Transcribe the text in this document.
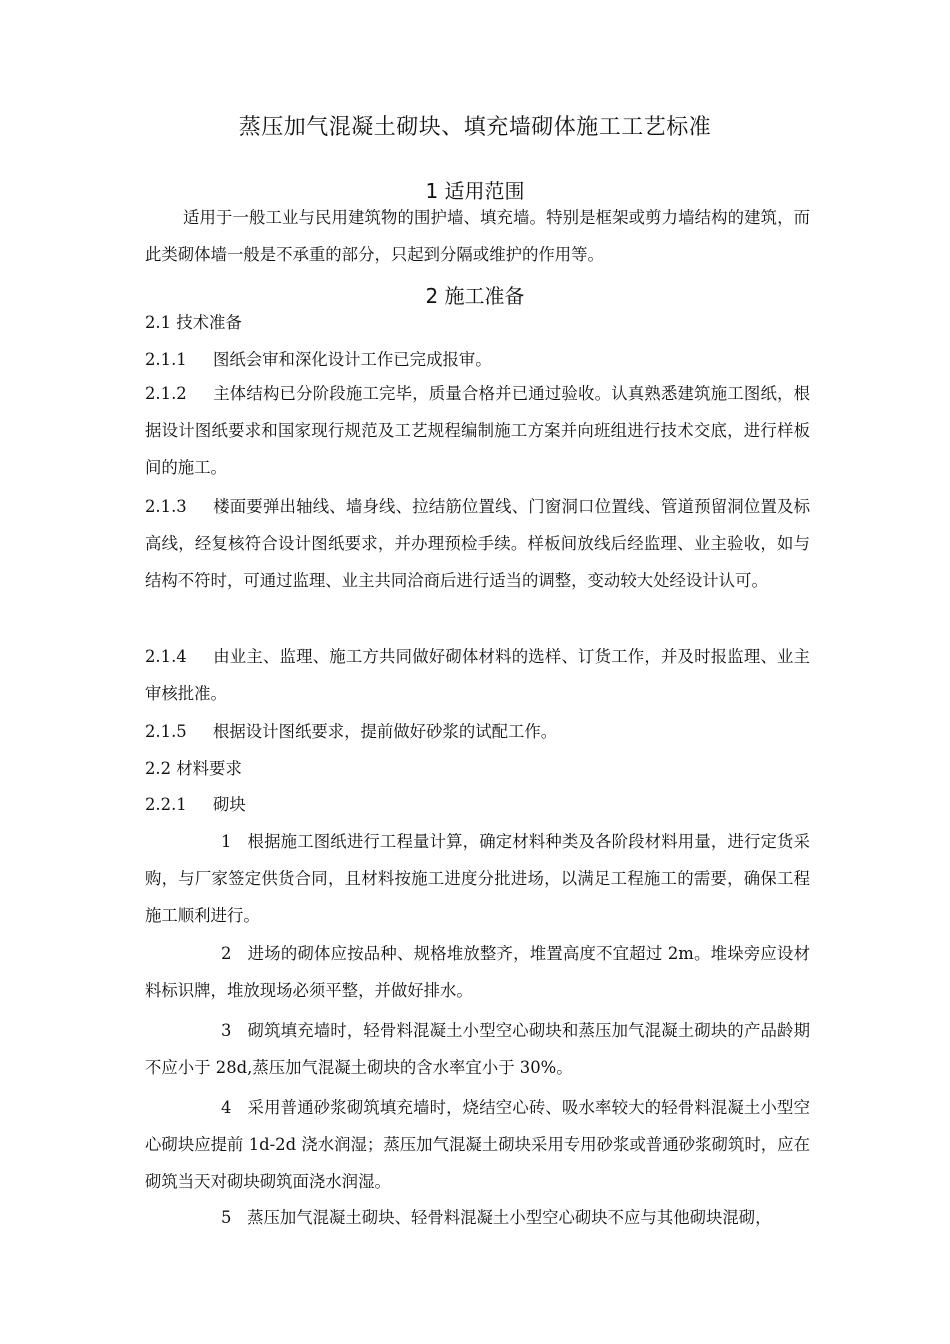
蒸压加气混凝土砌块、填充墙砌体施工工艺标准
1 适用范围
适用于一般工业与民用建筑物的围护墙、填充墙。特别是框架或剪力墙结构的建筑，而此类砌体墙一般是不承重的部分，只起到分隔或维护的作用等。
2 施工准备
2.1 技术准备
2.1.1 图纸会审和深化设计工作已完成报审。
2.1.2 主体结构已分阶段施工完毕，质量合格并已通过验收。认真熟悉建筑施工图纸，根据设计图纸要求和国家现行规范及工艺规程编制施工方案并向班组进行技术交底，进行样板间的施工。
2.1.3 楼面要弹出轴线、墙身线、拉结筋位置线、门窗洞口位置线、管道预留洞位置及标高线，经复核符合设计图纸要求，并办理预检手续。样板间放线后经监理、业主验收，如与结构不符时，可通过监理、业主共同洽商后进行适当的调整，变动较大处经设计认可。
2.1.4 由业主、监理、施工方共同做好砌体材料的选样、订货工作，并及时报监理、业主审核批准。
2.1.5 根据设计图纸要求，提前做好砂浆的试配工作。
2.2 材料要求
2.2.1 砌块
1 根据施工图纸进行工程量计算，确定材料种类及各阶段材料用量，进行定货采购，与厂家签定供货合同，且材料按施工进度分批进场，以满足工程施工的需要，确保工程施工顺利进行。
2 进场的砌体应按品种、规格堆放整齐，堆置高度不宜超过 2m。堆垛旁应设材料标识牌，堆放现场必须平整，并做好排水。
3 砌筑填充墙时，轻骨料混凝土小型空心砌块和蒸压加气混凝土砌块的产品龄期不应小于 28d,蒸压加气混凝土砌块的含水率宜小于 30%。
4 采用普通砂浆砌筑填充墙时，烧结空心砖、吸水率较大的轻骨料混凝土小型空心砌块应提前 1d-2d 浇水润湿；蒸压加气混凝土砌块采用专用砂浆或普通砂浆砌筑时，应在砌筑当天对砌块砌筑面浇水润湿。
5 蒸压加气混凝土砌块、轻骨料混凝土小型空心砌块不应与其他砌块混砌，
